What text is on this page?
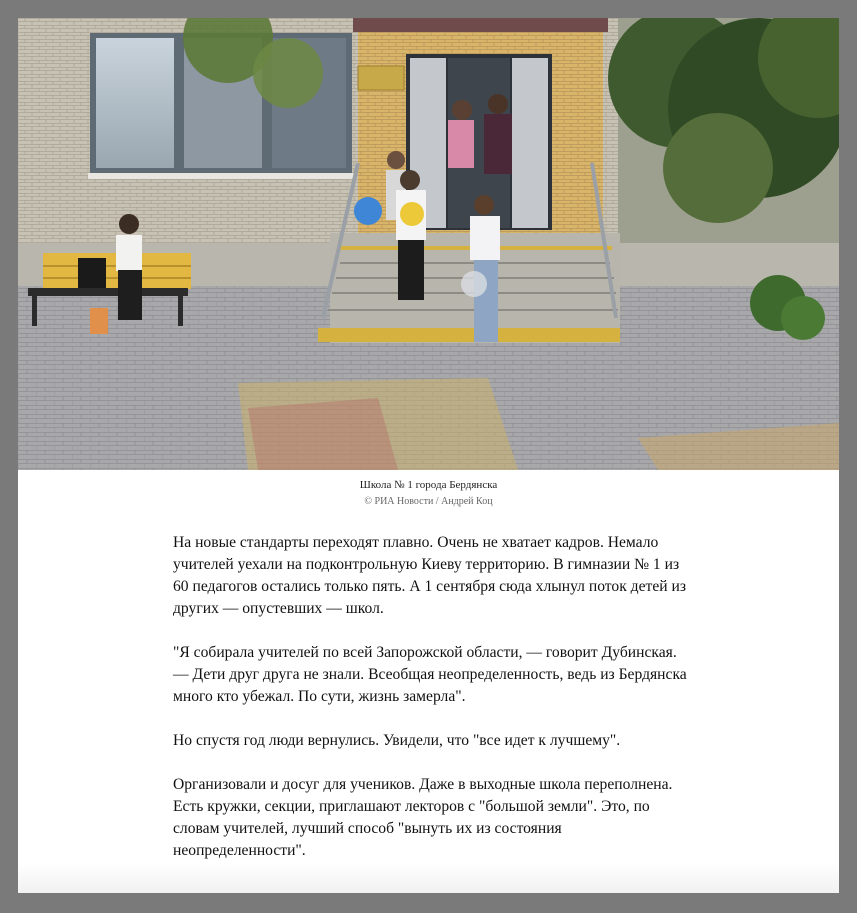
Школа № 1 города Бердянска
© РИА Новости / Андрей Коц

На новые стандарты переходят плавно. Очень не хватает кадров. Немало учителей уехали на подконтрольную Киеву территорию. В гимназии № 1 из 60 педагогов остались только пять. А 1 сентября сюда хлынул поток детей из других — опустевших — школ.

"Я собирала учителей по всей Запорожской области, — говорит Дубинская. — Дети друг друга не знали. Всеобщая неопределенность, ведь из Бердянска много кто убежал. По сути, жизнь замерла".

Но спустя год люди вернулись. Увидели, что "все идет к лучшему".

Организовали и досуг для учеников. Даже в выходные школа переполнена. Есть кружки, секции, приглашают лекторов с "большой земли". Это, по словам учителей, лучший способ "вынуть их из состояния неопределенности".
